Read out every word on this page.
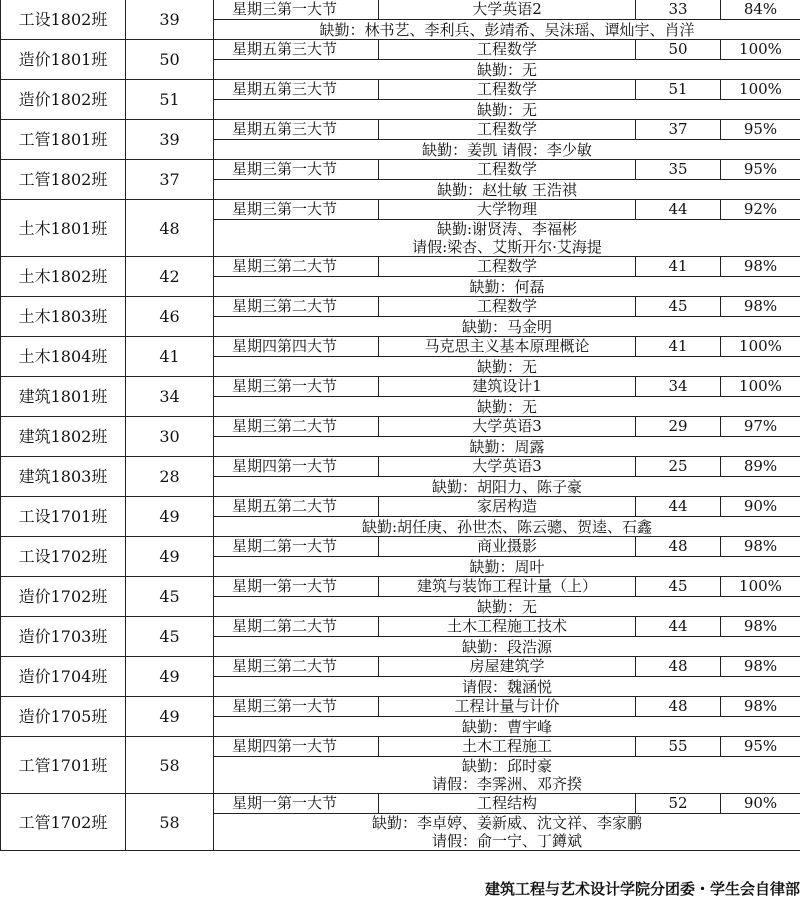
工设1802班	39	星期三第一大节	大学英语2	33	84%

		缺勤：林书艺、李利兵、彭靖希、吴沫瑶、谭灿宇、肖洋			

造价1801班	50	星期五第三大节	工程数学	50	100%

		缺勤：无			

造价1802班	51	星期五第三大节	工程数学	51	100%

		缺勤：无			

工管1801班	39	星期五第三大节	工程数学	37	95%

		缺勤：姜凯 请假：李少敏			

工管1802班	37	星期三第一大节	工程数学	35	95%

		缺勤：赵壮敏 王浩祺			

土木1801班	48	星期三第一大节	大学物理	44	92%

		缺勤:谢贤涛、李福彬
请假:梁杏、艾斯开尔·艾海提			

土木1802班	42	星期三第二大节	工程数学	41	98%

		缺勤：何磊			

土木1803班	46	星期三第二大节	工程数学	45	98%

		缺勤：马金明			

土木1804班	41	星期四第四大节	马克思主义基本原理概论	41	100%

		缺勤：无			

建筑1801班	34	星期三第一大节	建筑设计1	34	100%

		缺勤：无			

建筑1802班	30	星期三第二大节	大学英语3	29	97%

		缺勤：周露			

建筑1803班	28	星期四第一大节	大学英语3	25	89%

		缺勤：胡阳力、陈子豪			

工设1701班	49	星期五第二大节	家居构造	44	90%

		缺勤:胡任庚、孙世杰、陈云骢、贺逵、石鑫			

工设1702班	49	星期二第一大节	商业摄影	48	98%

		缺勤：周叶			

造价1702班	45	星期一第一大节	建筑与装饰工程计量（上）	45	100%

		缺勤：无			

造价1703班	45	星期二第二大节	土木工程施工技术	44	98%

		缺勤：段浩源			

造价1704班	49	星期三第二大节	房屋建筑学	48	98%

		请假：魏涵悦			

造价1705班	49	星期三第一大节	工程计量与计价	48	98%

		缺勤：曹宇峰			

工管1701班	58	星期四第一大节	土木工程施工	55	95%

		缺勤：邱时豪
请假：李霁洲、邓齐揆			

工管1702班	58	星期一第一大节	工程结构	52	90%

		缺勤：李卓婷、姜新威、沈文祥、李家鹏
请假：俞一宁、丁鐏斌			
建筑工程与艺术设计学院分团委・学生会自律部
